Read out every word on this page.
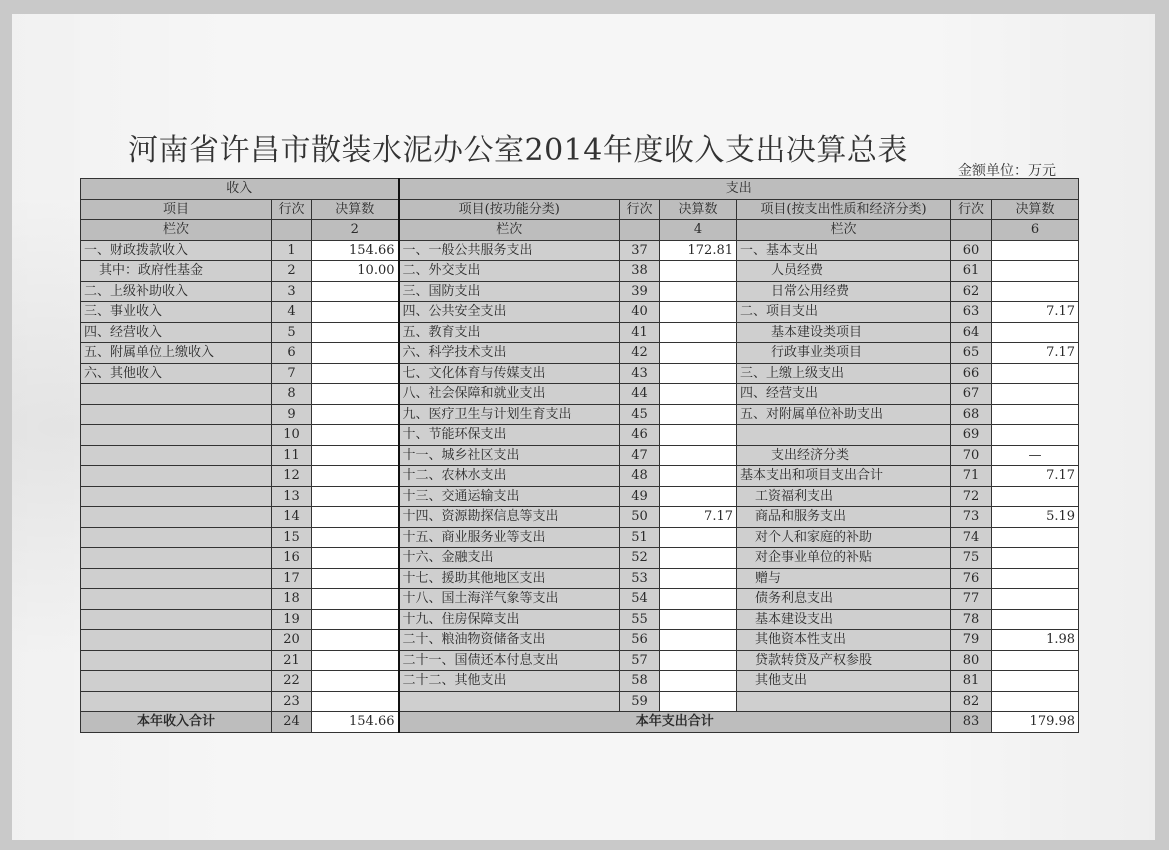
河南省许昌市散装水泥办公室2014年度收入支出决算总表
金额单位：万元
收入			支出					
项目	行次	决算数	项目(按功能分类)	行次	决算数	项目(按支出性质和经济分类)	行次	决算数
栏次		2	栏次		4	栏次		6
一、财政拨款收入	1	154.66	一、一般公共服务支出	37	172.81	一、基本支出	60	
其中：政府性基金	2	10.00	二、外交支出	38		人员经费	61	
二、上级补助收入	3		三、国防支出	39		日常公用经费	62	
三、事业收入	4		四、公共安全支出	40		二、项目支出	63	7.17
四、经营收入	5		五、教育支出	41		基本建设类项目	64	
五、附属单位上缴收入	6		六、科学技术支出	42		行政事业类项目	65	7.17
六、其他收入	7		七、文化体育与传媒支出	43		三、上缴上级支出	66	
	8		八、社会保障和就业支出	44		四、经营支出	67	
	9		九、医疗卫生与计划生育支出	45		五、对附属单位补助支出	68	
	10		十、节能环保支出	46			69	
	11		十一、城乡社区支出	47		支出经济分类	70	—
	12		十二、农林水支出	48		基本支出和项目支出合计	71	7.17
	13		十三、交通运输支出	49		工资福利支出	72	
	14		十四、资源勘探信息等支出	50	7.17	商品和服务支出	73	5.19
	15		十五、商业服务业等支出	51		对个人和家庭的补助	74	
	16		十六、金融支出	52		对企事业单位的补贴	75	
	17		十七、援助其他地区支出	53		赠与	76	
	18		十八、国土海洋气象等支出	54		债务利息支出	77	
	19		十九、住房保障支出	55		基本建设支出	78	
	20		二十、粮油物资储备支出	56		其他资本性支出	79	1.98
	21		二十一、国债还本付息支出	57		贷款转贷及产权参股	80	
	22		二十二、其他支出	58		其他支出	81	
	23			59			82	
本年收入合计	24	154.66	本年支出合计				83	179.98
